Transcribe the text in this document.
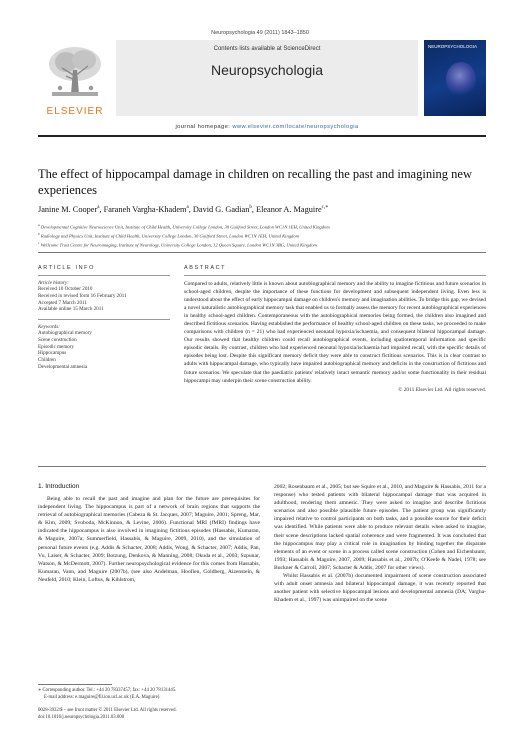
Neuropsychologia 49 (2011) 1843–1850
ELSEVIER
Contents lists available at ScienceDirect
Neuropsychologia
NEUROPSYCHOLOGIA
journal homepage: www.elsevier.com/locate/neuropsychologia
The effect of hippocampal damage in children on recalling the past and imagining new experiences
Janine M. Cooper$^a$, Faraneh Vargha-Khadem$^a$, David G. Gadian$^b$, Eleanor A. Maguire$^{c,∗}$
$^a$ Developmental Cognitive Neuroscience Unit, Institute of Child Health, University College London, 30 Guilford Street, London WC1N 1EH, United Kingdom
$^b$ Radiology and Physics Unit, Institute of Child Health, University College London, 30 Guilford Street, London WC1N 1EH, United Kingdom
$^c$ Wellcome Trust Centre for Neuroimaging, Institute of Neurology, University College London, 12 Queen Square, London WC1N 3BG, United Kingdom
ARTICLE INFO
Article history:
Received 10 October 2010
Received in revised form 16 February 2011
Accepted 7 March 2011
Available online 15 March 2011
Keywords:
Autobiographical memory
Scene construction
Episodic memory
Hippocampus
Children
Developmental amnesia
ABSTRACT
Compared to adults, relatively little is known about autobiographical memory and the ability to imagine fictitious and future scenarios in school-aged children, despite the importance of these functions for development and subsequent independent living. Even less is understood about the effect of early hippocampal damage on children's memory and imagination abilities. To bridge this gap, we devised a novel naturalistic autobiographical memory task that enabled us to formally assess the memory for recent autobiographical experiences in healthy school-aged children. Contemporaneous with the autobiographical memories being formed, the children also imagined and described fictitious scenarios. Having established the performance of healthy school-aged children on these tasks, we proceeded to make comparisons with children (n = 21) who had experienced neonatal hypoxia/ischaemia, and consequent bilateral hippocampal damage. Our results showed that healthy children could recall autobiographical events, including spatiotemporal information and specific episodic details. By contrast, children who had experienced neonatal hypoxia/ischaemia had impaired recall, with the specific details of episodes being lost. Despite this significant memory deficit they were able to construct fictitious scenarios. This is in clear contrast to adults with hippocampal damage, who typically have impaired autobiographical memory and deficits in the construction of fictitious and future scenarios. We speculate that the paediatric patients' relatively intact semantic memory and/or some functionality in their residual hippocampi may underpin their scene construction ability.
© 2011 Elsevier Ltd. All rights reserved.
1. Introduction
Being able to recall the past and imagine and plan for the future are prerequisites for independent living. The hippocampus is part of a network of brain regions that supports the retrieval of autobiographical memories (Cabeza & St. Jacques, 2007; Maguire, 2001; Spreng, Mar, & Kim, 2009; Svoboda, McKinnon, & Levine, 2006). Functional MRI (fMRI) findings have indicated the hippocampus is also involved in imagining fictitious episodes (Hassabis, Kumaran, & Maguire, 2007a; Summerfield, Hassabis, & Maguire, 2009, 2010), and the simulation of personal future events (e.g. Addis & Schacter, 2008; Addis, Wong, & Schacter, 2007; Addis, Pan, Vu, Laiser, & Schacter, 2009; Botzung, Denkova, & Manning, 2008; Okuda et al., 2003; Szpunar, Watson, & McDermott, 2007). Further neuropsychological evidence for this comes from Hassabis, Kumaran, Vann, and Maguire (2007b), (see also Andelman, Hoofien, Goldberg, Aizenstein, & Neufeld, 2010; Klein, Loftus, & Kihlstrom,
2002; Rosenbaum et al., 2005; but see Squire et al., 2010, and Maguire & Hassabis, 2011 for a response) who tested patients with bilateral hippocampal damage that was acquired in adulthood, rendering them amnesic. They were asked to imagine and describe fictitious scenarios and also possible plausible future episodes. The patient group was significantly impaired relative to control participants on both tasks, and a possible source for their deficit was identified. While patients were able to produce relevant details when asked to imagine, their scene descriptions lacked spatial coherence and were fragmented. It was concluded that the hippocampus may play a critical role in imagination by binding together the disparate elements of an event or scene in a process called scene construction (Cohen and Eichenbaum, 1993; Hassabis & Maguire, 2007, 2009; Hassabis et al., 2007b; O'Keefe & Nadel, 1978; see Buckner & Carroll, 2007; Schacter & Addis, 2007 for other views).
Whilst Hassabis et al. (2007b) documented impairment of scene construction associated with adult onset amnesia and bilateral hippocampal damage, it was recently reported that another patient with selective hippocampal lesions and developmental amnesia (DA; Vargha-Khadem et al., 1997) was unimpaired on the scene
∗ Corresponding author. Tel.: +44 20 78337457; fax: +44 20 78131445.
E-mail address: e.maguire@fil.ion.ucl.ac.uk (E.A. Maguire).
0028-3932/$ – see front matter © 2011 Elsevier Ltd. All rights reserved.
doi:10.1016/j.neuropsychologia.2011.03.008
